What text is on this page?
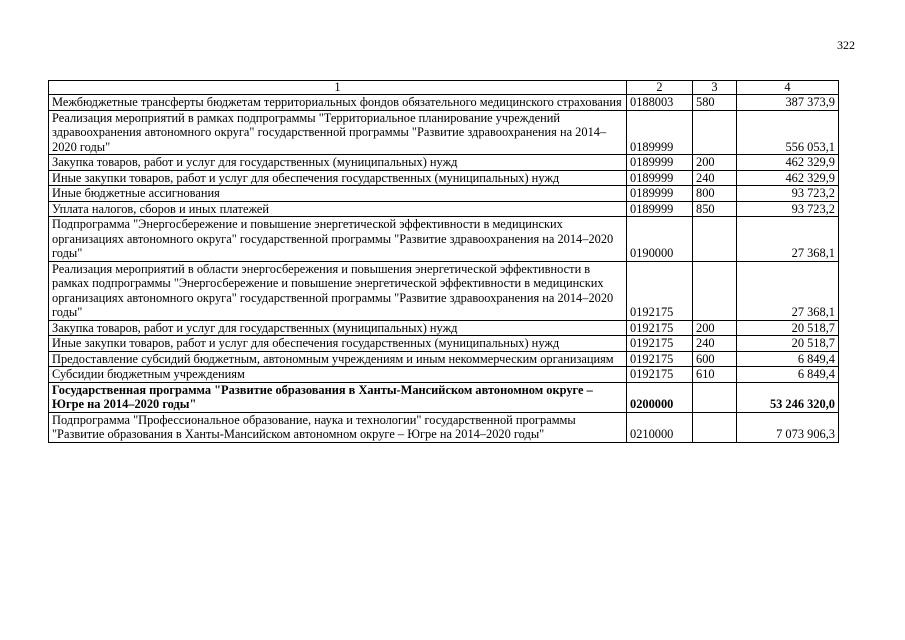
322
1	2	3	4
Межбюджетные трансферты бюджетам территориальных фондов обязательного медицинского страхования	0188003	580	387 373,9
Реализация мероприятий в рамках подпрограммы "Территориальное планирование учреждений здравоохранения автономного округа" государственной программы "Развитие здравоохранения на 2014–2020 годы"	0189999		556 053,1
Закупка товаров, работ и услуг для государственных (муниципальных) нужд	0189999	200	462 329,9
Иные закупки товаров, работ и услуг для обеспечения государственных (муниципальных) нужд	0189999	240	462 329,9
Иные бюджетные ассигнования	0189999	800	93 723,2
Уплата налогов, сборов и иных платежей	0189999	850	93 723,2
Подпрограмма "Энергосбережение и повышение энергетической эффективности в медицинских организациях автономного округа" государственной программы "Развитие здравоохранения на 2014–2020 годы"	0190000		27 368,1
Реализация мероприятий в области энергосбережения и повышения энергетической эффективности в рамках подпрограммы "Энергосбережение и повышение энергетической эффективности в медицинских организациях автономного округа" государственной программы "Развитие здравоохранения на 2014–2020 годы"	0192175		27 368,1
Закупка товаров, работ и услуг для государственных (муниципальных) нужд	0192175	200	20 518,7
Иные закупки товаров, работ и услуг для обеспечения государственных (муниципальных) нужд	0192175	240	20 518,7
Предоставление субсидий бюджетным, автономным учреждениям и иным некоммерческим организациям	0192175	600	6 849,4
Субсидии бюджетным учреждениям	0192175	610	6 849,4
Государственная программа "Развитие образования в Ханты-Мансийском автономном округе – Югре на 2014–2020 годы"	0200000		53 246 320,0
Подпрограмма "Профессиональное образование, наука и технологии" государственной программы "Развитие образования в Ханты-Мансийском автономном округе – Югре на 2014–2020 годы"	0210000		7 073 906,3
